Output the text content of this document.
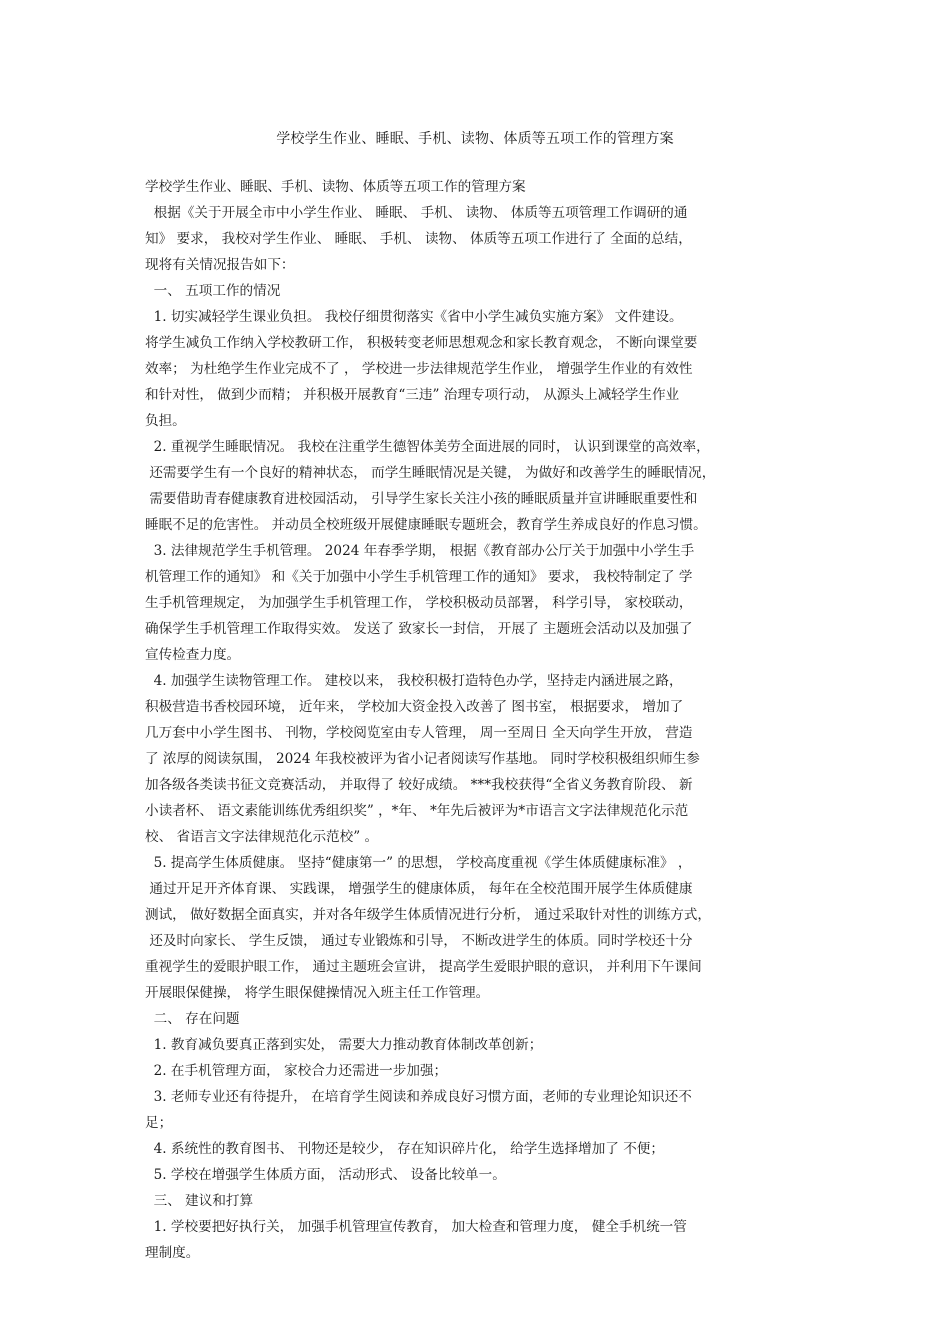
学校学生作业、睡眠、手机、读物、体质等五项工作的管理方案
学校学生作业、睡眠、手机、读物、体质等五项工作的管理方案
根据《关于开展全市中小学生作业、 睡眠、 手机、 读物、 体质等五项管理工作调研的通
知》 要求， 我校对学生作业、 睡眠、 手机、 读物、 体质等五项工作进行了 全面的总结，
现将有关情况报告如下：
一、 五项工作的情况
1. 切实减轻学生课业负担。 我校仔细贯彻落实《省中小学生减负实施方案》 文件建设。
将学生减负工作纳入学校教研工作， 积极转变老师思想观念和家长教育观念， 不断向课堂要
效率； 为杜绝学生作业完成不了 ， 学校进一步法律规范学生作业， 增强学生作业的有效性
和针对性， 做到少而精； 并积极开展教育“三违” 治理专项行动， 从源头上减轻学生作业
负担。
2. 重视学生睡眠情况。 我校在注重学生德智体美劳全面进展的同时， 认识到课堂的高效率，
还需要学生有一个良好的精神状态， 而学生睡眠情况是关键， 为做好和改善学生的睡眠情况，
需要借助青春健康教育进校园活动， 引导学生家长关注小孩的睡眠质量并宣讲睡眠重要性和
睡眠不足的危害性。 并动员全校班级开展健康睡眠专题班会，教育学生养成良好的作息习惯。
3. 法律规范学生手机管理。 2024 年春季学期， 根据《教育部办公厅关于加强中小学生手
机管理工作的通知》 和《关于加强中小学生手机管理工作的通知》 要求， 我校特制定了 学
生手机管理规定， 为加强学生手机管理工作， 学校积极动员部署， 科学引导， 家校联动，
确保学生手机管理工作取得实效。 发送了 致家长一封信， 开展了 主题班会活动以及加强了
宣传检查力度。
4. 加强学生读物管理工作。 建校以来， 我校积极打造特色办学，坚持走内涵进展之路，
积极营造书香校园环境， 近年来， 学校加大资金投入改善了 图书室， 根据要求， 增加了
几万套中小学生图书、 刊物，学校阅览室由专人管理， 周一至周日 全天向学生开放， 营造
了 浓厚的阅读氛围， 2024 年我校被评为省小记者阅读写作基地。 同时学校积极组织师生参
加各级各类读书征文竞赛活动， 并取得了 较好成绩。 ***我校获得“全省义务教育阶段、 新
小读者杯、 语文素能训练优秀组织奖” ，*年、 *年先后被评为*市语言文字法律规范化示范
校、 省语言文字法律规范化示范校” 。
5. 提高学生体质健康。 坚持“健康第一” 的思想， 学校高度重视《学生体质健康标准》 ，
通过开足开齐体育课、 实践课， 增强学生的健康体质， 每年在全校范围开展学生体质健康
测试， 做好数据全面真实，并对各年级学生体质情况进行分析， 通过采取针对性的训练方式，
还及时向家长、 学生反馈， 通过专业锻炼和引导， 不断改进学生的体质。同时学校还十分
重视学生的爱眼护眼工作， 通过主题班会宣讲， 提高学生爱眼护眼的意识， 并利用下午课间
开展眼保健操， 将学生眼保健操情况入班主任工作管理。
二、 存在问题
1. 教育减负要真正落到实处， 需要大力推动教育体制改革创新；
2. 在手机管理方面， 家校合力还需进一步加强；
3. 老师专业还有待提升， 在培育学生阅读和养成良好习惯方面，老师的专业理论知识还不
足；
4. 系统性的教育图书、 刊物还是较少， 存在知识碎片化， 给学生选择增加了 不便；
5. 学校在增强学生体质方面， 活动形式、 设备比较单一。
三、 建议和打算
1. 学校要把好执行关， 加强手机管理宣传教育， 加大检查和管理力度， 健全手机统一管
理制度。
